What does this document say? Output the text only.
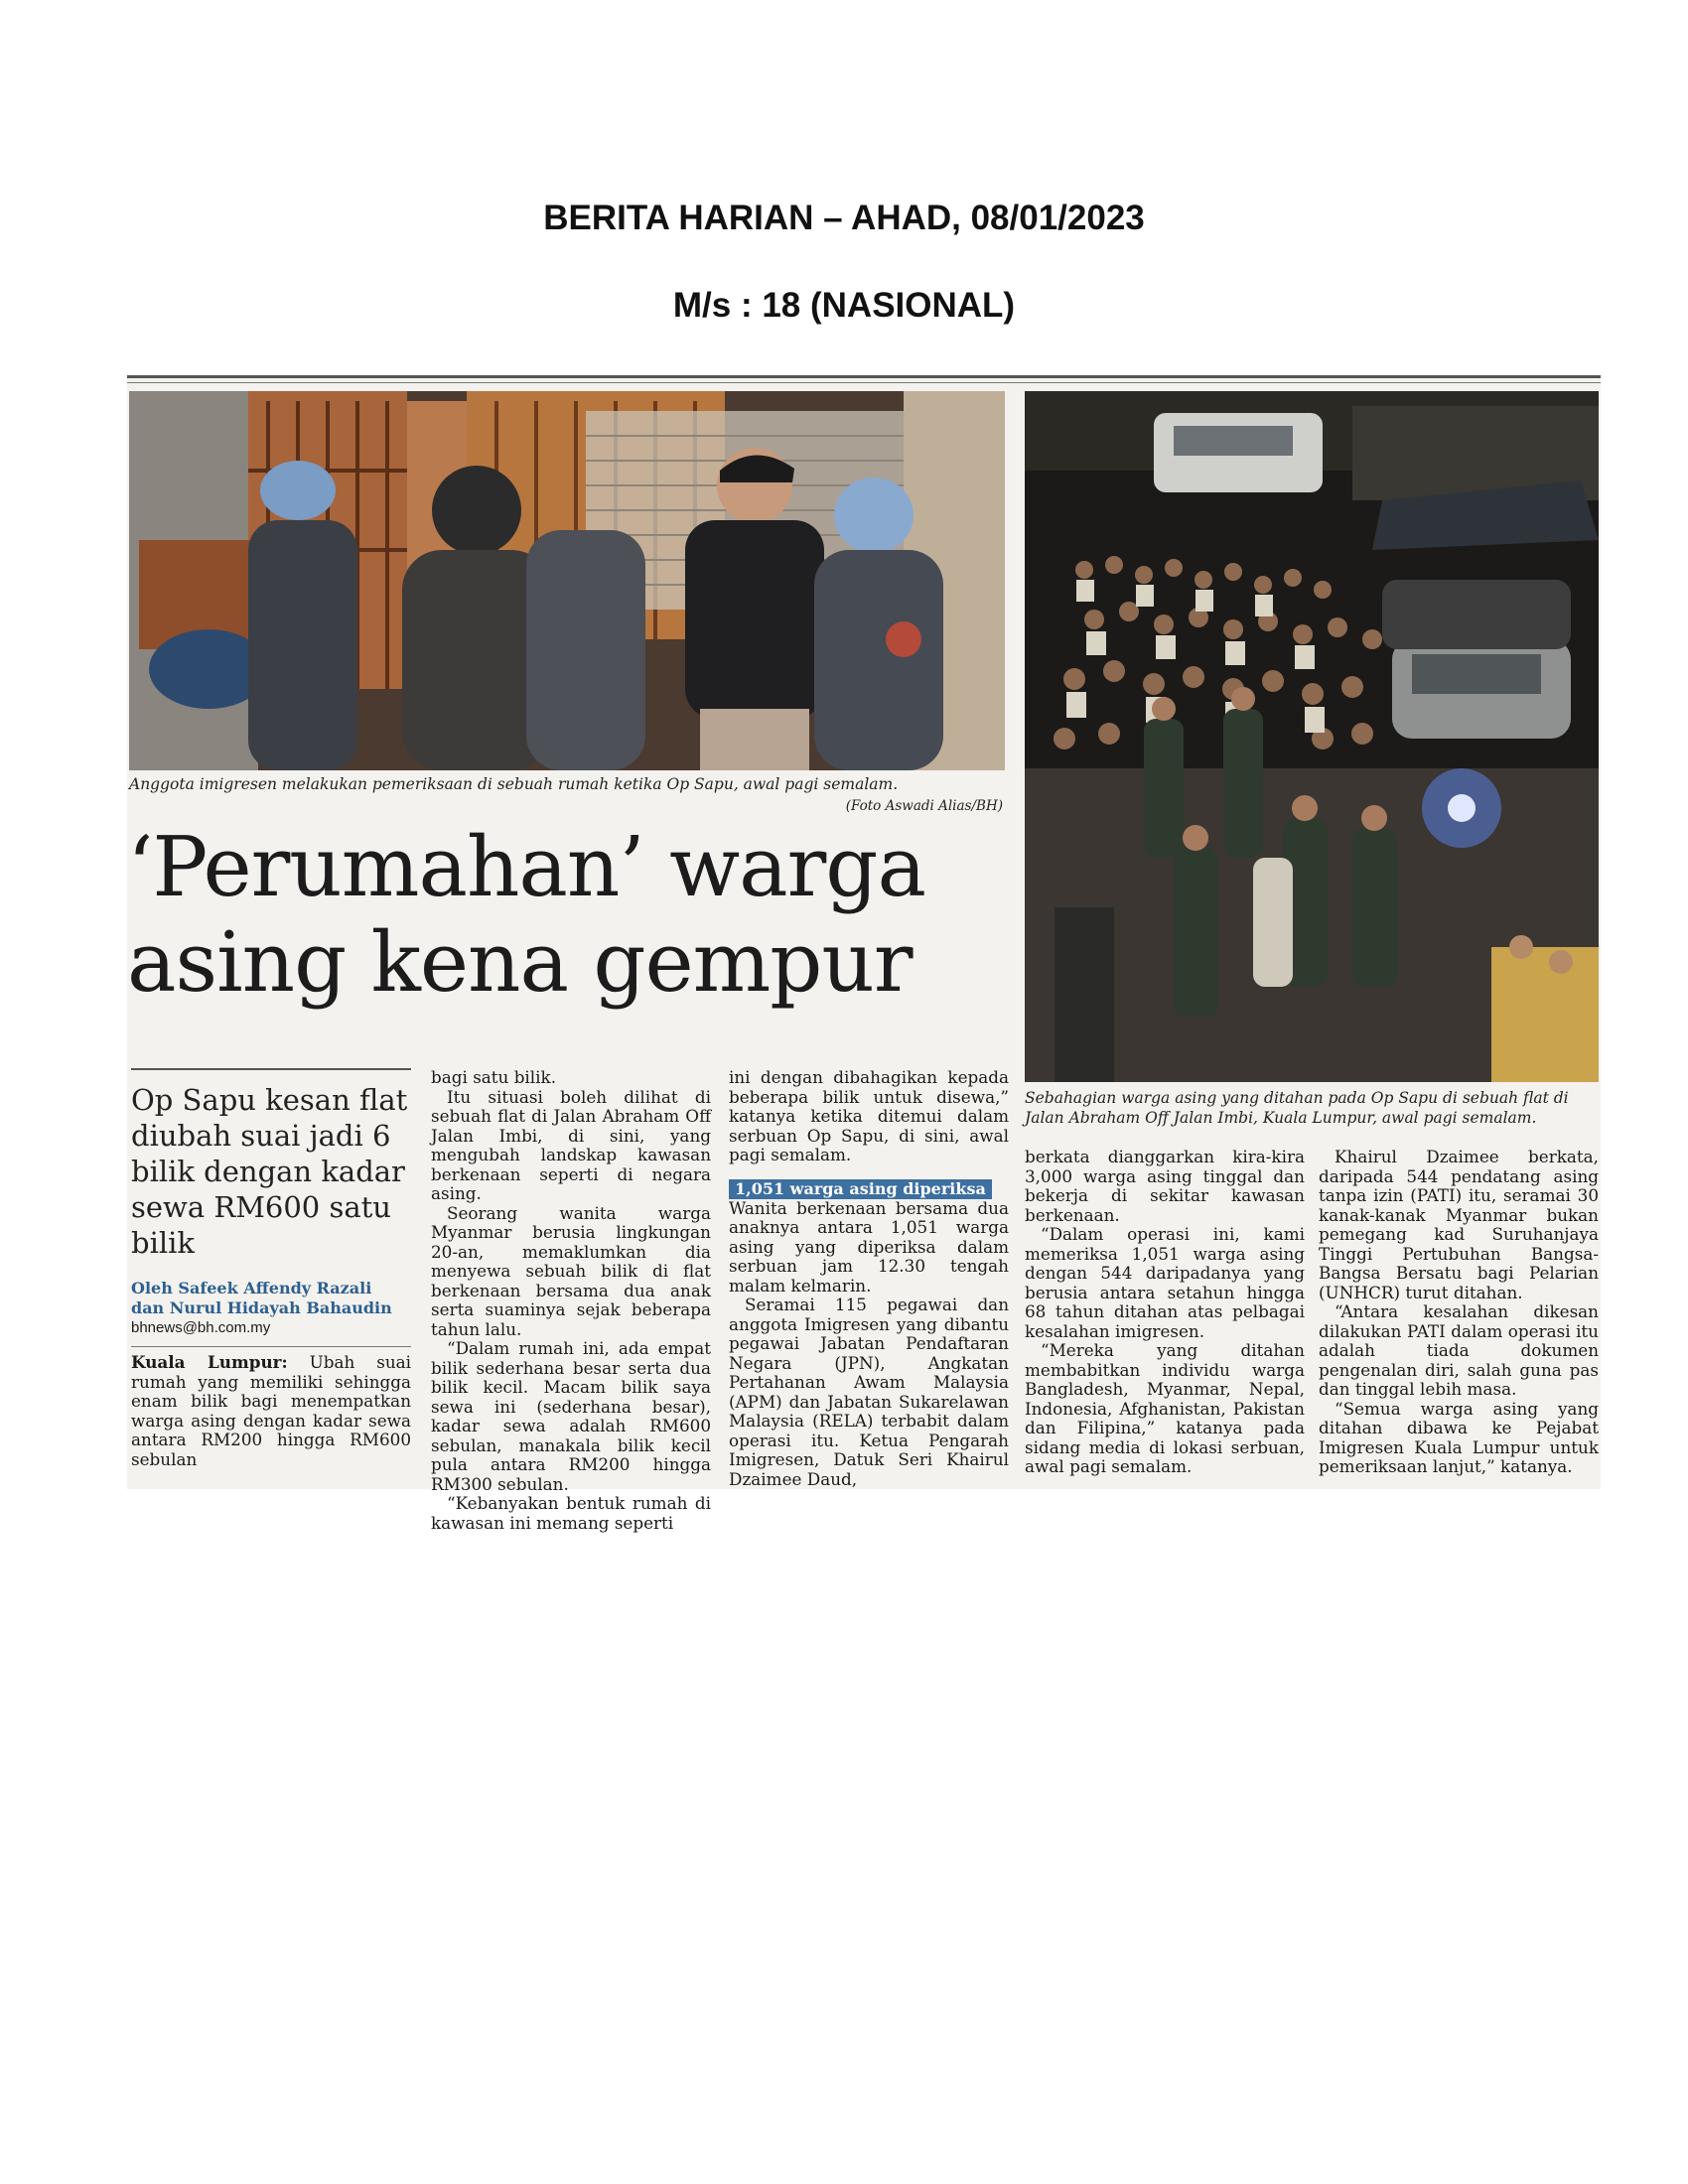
BERITA HARIAN – AHAD, 08/01/2023
M/s : 18 (NASIONAL)
Anggota imigresen melakukan pemeriksaan di sebuah rumah ketika Op Sapu, awal pagi semalam.
(Foto Aswadi Alias/BH)
Sebahagian warga asing yang ditahan pada Op Sapu di sebuah flat di Jalan Abraham Off Jalan Imbi, Kuala Lumpur, awal pagi semalam.
‘Perumahan’ warga
asing kena gempur
Op Sapu kesan flat diubah suai jadi 6 bilik dengan kadar sewa RM600 satu bilik
Oleh Safeek Affendy Razali
dan Nurul Hidayah Bahaudin
bhnews@bh.com.my

Kuala Lumpur: Ubah suai rumah yang memiliki sehingga enam bilik bagi menempatkan warga asing dengan kadar sewa antara RM200 hingga RM600 sebulan

bagi satu bilik.

Itu situasi boleh dilihat di sebuah flat di Jalan Abraham Off Jalan Imbi, di sini, yang mengubah landskap kawasan berkenaan seperti di negara asing.

Seorang wanita warga Myanmar berusia lingkungan 20-an, memaklumkan dia menyewa sebuah bilik di flat berkenaan bersama dua anak serta suaminya sejak beberapa tahun lalu.

“Dalam rumah ini, ada empat bilik sederhana besar serta dua bilik kecil. Macam bilik saya sewa ini (sederhana besar), kadar sewa adalah RM600 sebulan, manakala bilik kecil pula antara RM200 hingga RM300 sebulan.

“Kebanyakan bentuk rumah di kawasan ini memang seperti

ini dengan dibahagikan kepada beberapa bilik untuk disewa,” katanya ketika ditemui dalam serbuan Op Sapu, di sini, awal pagi semalam.

1,051 warga asing diperiksa

Wanita berkenaan bersama dua anaknya antara 1,051 warga asing yang diperiksa dalam serbuan jam 12.30 tengah malam kelmarin.

Seramai 115 pegawai dan anggota Imigresen yang dibantu pegawai Jabatan Pendaftaran Negara (JPN), Angkatan Pertahanan Awam Malaysia (APM) dan Jabatan Sukarelawan Malaysia (RELA) terbabit dalam operasi itu. Ketua Pengarah Imigresen, Datuk Seri Khairul Dzaimee Daud,

berkata dianggarkan kira-kira 3,000 warga asing tinggal dan bekerja di sekitar kawasan berkenaan.

“Dalam operasi ini, kami memeriksa 1,051 warga asing dengan 544 daripadanya yang berusia antara setahun hingga 68 tahun ditahan atas pelbagai kesalahan imigresen.

“Mereka yang ditahan membabitkan individu warga Bangladesh, Myanmar, Nepal, Indonesia, Afghanistan, Pakistan dan Filipina,” katanya pada sidang media di lokasi serbuan, awal pagi semalam.

Khairul Dzaimee berkata, daripada 544 pendatang asing tanpa izin (PATI) itu, seramai 30 kanak-kanak Myanmar bukan pemegang kad Suruhanjaya Tinggi Pertubuhan Bangsa-Bangsa Bersatu bagi Pelarian (UNHCR) turut ditahan.

“Antara kesalahan dikesan dilakukan PATI dalam operasi itu adalah tiada dokumen pengenalan diri, salah guna pas dan tinggal lebih masa.

“Semua warga asing yang ditahan dibawa ke Pejabat Imigresen Kuala Lumpur untuk pemeriksaan lanjut,” katanya.
